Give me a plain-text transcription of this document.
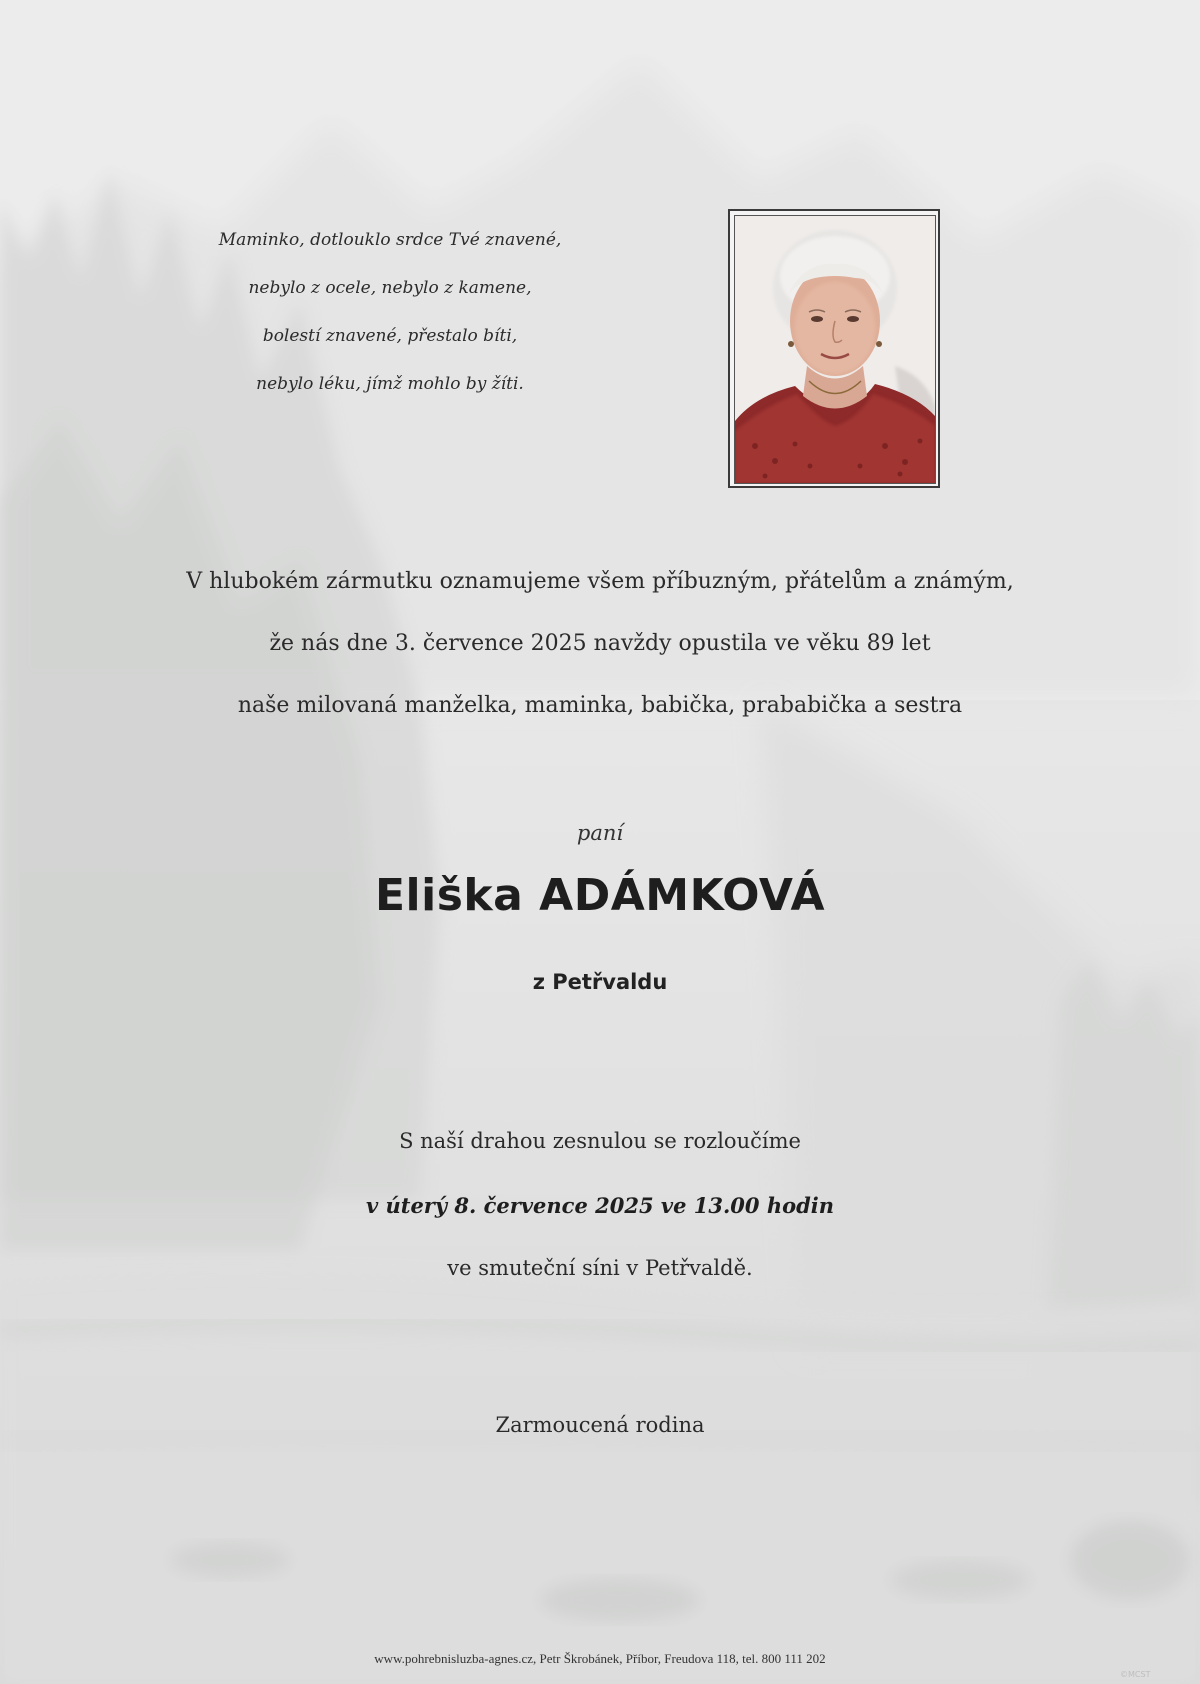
Maminko, dotlouklo srdce Tvé znavené,
nebylo z ocele, nebylo z kamene,
bolestí znavené, přestalo bíti,
nebylo léku, jímž mohlo by žíti.
V hlubokém zármutku oznamujeme všem příbuzným, přátelům a známým,
že nás dne 3. července 2025 navždy opustila ve věku 89 let
naše milovaná manželka, maminka, babička, prababička a sestra
paní
Eliška ADÁMKOVÁ
z Petřvaldu
S naší drahou zesnulou se rozloučíme
v úterý 8. července 2025 ve 13.00 hodin
ve smuteční síni v Petřvaldě.
Zarmoucená rodina
www.pohrebnisluzba-agnes.cz, Petr Škrobánek, Příbor, Freudova 118, tel. 800 111 202
©MCST
